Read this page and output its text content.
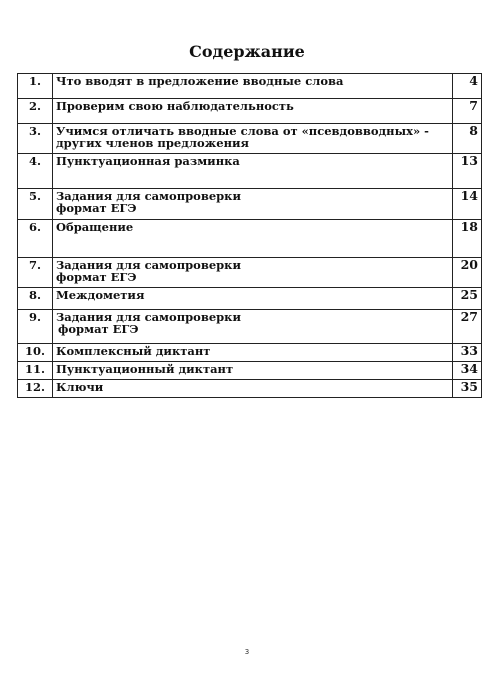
Содержание
1.	Что вводят в предложение вводные слова	4
2.	Проверим свою наблюдательность	7
3.	Учимся отличать вводные слова от «псевдовводных» -
других членов предложения	8
4.	Пунктуационная разминка	13
5.	Задания для самопроверки
формат ЕГЭ	14
6.	Обращение	18
7.	Задания для самопроверки
формат ЕГЭ	20
8.	Междометия	25
9.	Задания для самопроверки
формат ЕГЭ	27
10.	Комплексный диктант	33
11.	Пунктуационный диктант	34
12.	Ключи	35
3
